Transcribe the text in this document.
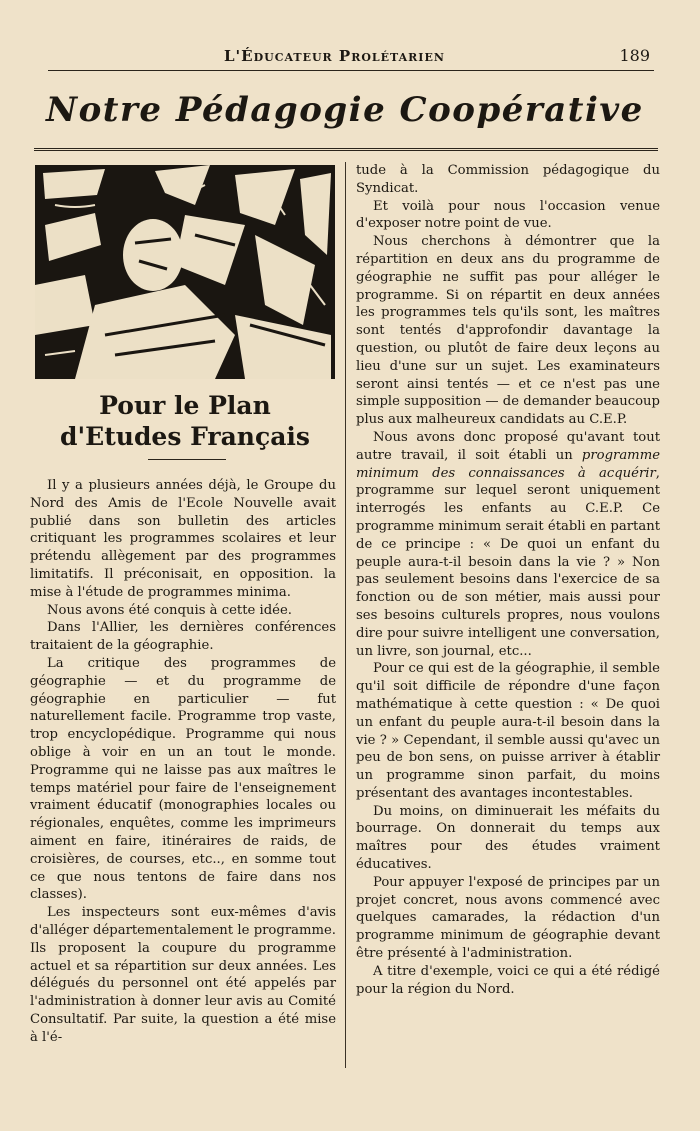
L'Éducateur Prolétarien	189
Notre Pédagogie Coopérative
Pour le Plan
d'Etudes Français

Il y a plusieurs années déjà, le Groupe du Nord des Amis de l'Ecole Nouvelle avait publié dans son bulletin des articles critiquant les programmes scolaires et leur prétendu allègement par des programmes limitatifs. Il préconisait, en opposition. la mise à l'étude de programmes minima.

Nous avons été conquis à cette idée.

Dans l'Allier, les dernières conférences traitaient de la géographie.

La critique des programmes de géographie — et du programme de géographie en particulier — fut naturellement facile. Programme trop vaste, trop encyclopédique. Programme qui nous oblige à voir en un an tout le monde. Programme qui ne laisse pas aux maîtres le temps matériel pour faire de l'enseignement vraiment éducatif (monographies locales ou régionales, enquêtes, comme les imprimeurs aiment en faire, itinéraires de raids, de croisières, de courses, etc.., en somme tout ce que nous tentons de faire dans nos classes).

Les inspecteurs sont eux-mêmes d'avis d'alléger départementalement le programme. Ils proposent la coupure du programme actuel et sa répartition sur deux années. Les délégués du personnel ont été appelés par l'administration à donner leur avis au Comité Consultatif. Par suite, la question a été mise à l'é-

tude à la Commission pédagogique du Syndicat.

Et voilà pour nous l'occasion venue d'exposer notre point de vue.

Nous cherchons à démontrer que la répartition en deux ans du programme de géographie ne suffit pas pour alléger le programme. Si on répartit en deux années les programmes tels qu'ils sont, les maîtres sont tentés d'approfondir davantage la question, ou plutôt de faire deux leçons au lieu d'une sur un sujet. Les examinateurs seront ainsi tentés — et ce n'est pas une simple supposition — de demander beaucoup plus aux malheureux candidats au C.E.P.

Nous avons donc proposé qu'avant tout autre travail, il soit établi un programme minimum des connaissances à acquérir, programme sur lequel seront uniquement interrogés les enfants au C.E.P. Ce programme minimum serait établi en partant de ce principe : « De quoi un enfant du peuple aura-t-il besoin dans la vie ? » Non pas seulement besoins dans l'exercice de sa fonction ou de son métier, mais aussi pour ses besoins culturels propres, nous voulons dire pour suivre intelligent une conversation, un livre, son journal, etc...

Pour ce qui est de la géographie, il semble qu'il soit difficile de répondre d'une façon mathématique à cette question : « De quoi un enfant du peuple aura-t-il besoin dans la vie ? » Cependant, il semble aussi qu'avec un peu de bon sens, on puisse arriver à établir un programme sinon parfait, du moins présentant des avantages incontestables.

Du moins, on diminuerait les méfaits du bourrage. On donnerait du temps aux maîtres pour des études vraiment éducatives.

Pour appuyer l'exposé de principes par un projet concret, nous avons commencé avec quelques camarades, la rédaction d'un programme minimum de géographie devant être présenté à l'administration.

A titre d'exemple, voici ce qui a été rédigé pour la région du Nord.
